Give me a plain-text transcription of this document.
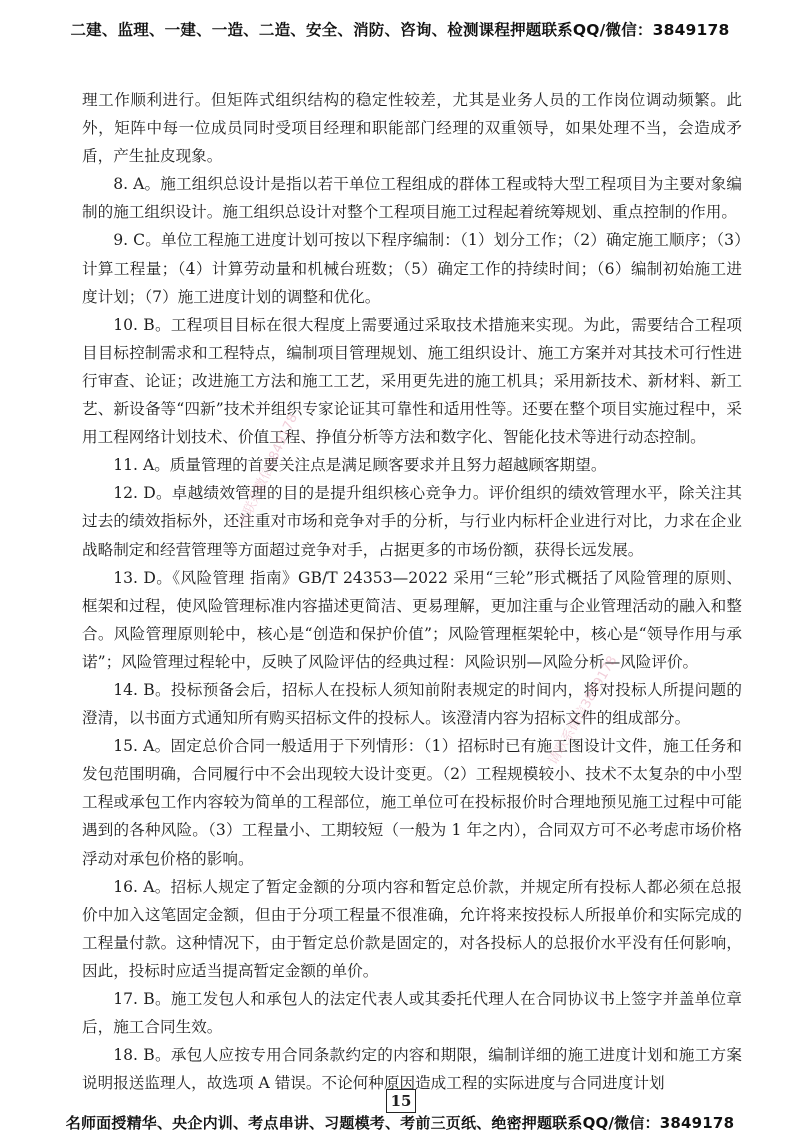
二建、监理、一建、一造、二造、安全、消防、咨询、检测课程押题联系QQ/微信：3849178

理工作顺利进行。但矩阵式组织结构的稳定性较差，尤其是业务人员的工作岗位调动频繁。此外，矩阵中每一位成员同时受项目经理和职能部门经理的双重领导，如果处理不当，会造成矛盾，产生扯皮现象。

8. A。施工组织总设计是指以若干单位工程组成的群体工程或特大型工程项目为主要对象编制的施工组织设计。施工组织总设计对整个工程项目施工过程起着统筹规划、重点控制的作用。

9. C。单位工程施工进度计划可按以下程序编制：（1）划分工作；（2）确定施工顺序；（3）计算工程量；（4）计算劳动量和机械台班数；（5）确定工作的持续时间；（6）编制初始施工进度计划；（7）施工进度计划的调整和优化。

10. B。工程项目目标在很大程度上需要通过采取技术措施来实现。为此，需要结合工程项目目标控制需求和工程特点，编制项目管理规划、施工组织设计、施工方案并对其技术可行性进行审查、论证；改进施工方法和施工工艺，采用更先进的施工机具；采用新技术、新材料、新工艺、新设备等“四新”技术并组织专家论证其可靠性和适用性等。还要在整个项目实施过程中，采用工程网络计划技术、价值工程、挣值分析等方法和数字化、智能化技术等进行动态控制。

11. A。质量管理的首要关注点是满足顾客要求并且努力超越顾客期望。

12. D。卓越绩效管理的目的是提升组织核心竞争力。评价组织的绩效管理水平，除关注其过去的绩效指标外，还注重对市场和竞争对手的分析，与行业内标杆企业进行对比，力求在企业战略制定和经营管理等方面超过竞争对手，占据更多的市场份额，获得长远发展。

13. D。《风险管理 指南》GB/T 24353—2022 采用“三轮”形式概括了风险管理的原则、框架和过程，使风险管理标准内容描述更简洁、更易理解，更加注重与企业管理活动的融入和整合。风险管理原则轮中，核心是“创造和保护价值”；风险管理框架轮中，核心是“领导作用与承诺”；风险管理过程轮中，反映了风险评估的经典过程：风险识别—风险分析—风险评价。

14. B。投标预备会后，招标人在投标人须知前附表规定的时间内，将对投标人所提问题的澄清，以书面方式通知所有购买招标文件的投标人。该澄清内容为招标文件的组成部分。

15. A。固定总价合同一般适用于下列情形：（1）招标时已有施工图设计文件，施工任务和发包范围明确，合同履行中不会出现较大设计变更。（2）工程规模较小、技术不太复杂的中小型工程或承包工作内容较为简单的工程部位，施工单位可在投标报价时合理地预见施工过程中可能遇到的各种风险。（3）工程量小、工期较短（一般为 1 年之内），合同双方可不必考虑市场价格浮动对承包价格的影响。

16. A。招标人规定了暂定金额的分项内容和暂定总价款，并规定所有投标人都必须在总报价中加入这笔固定金额，但由于分项工程量不很准确，允许将来按投标人所报单价和实际完成的工程量付款。这种情况下，由于暂定总价款是固定的，对各投标人的总报价水平没有任何影响，因此，投标时应适当提高暂定金额的单价。

17. B。施工发包人和承包人的法定代表人或其委托代理人在合同协议书上签字并盖单位章后，施工合同生效。

18. B。承包人应按专用合同条款约定的内容和期限，编制详细的施工进度计划和施工方案说明报送监理人，故选项 A 错误。不论何种原因造成工程的实际进度与合同进度计划

请联系微信3849178
请联系微信3849178
15
名师面授精华、央企内训、考点串讲、习题模考、考前三页纸、绝密押题联系QQ/微信：3849178
